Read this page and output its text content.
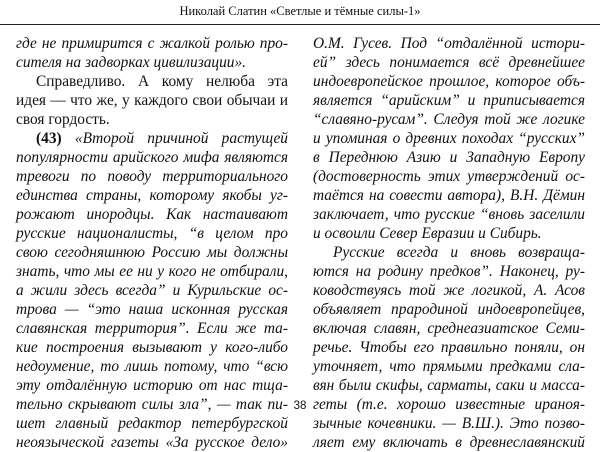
Николай Слатин «Светлые и тёмные силы-1»
где не примирится с жалкой ролью про-
сителя на задворках цивилизации».
Справедливо. А кому нелюба эта
идея — что же, у каждого свои обычаи и
своя гордость.
(43) «Второй причиной растущей
популярности арийского мифа являются
тревоги по поводу территориального
единства страны, которому якобы уг-
рожают инородцы. Как настаивают
русские националисты, “в целом про
свою сегодняшнюю Россию мы должны
знать, что мы ее ни у кого не отбирали,
а жили здесь всегда” и Курильские ос-
трова — “это наша исконная русская
славянская территория”. Если же та-
кие построения вызывают у кого-либо
недоумение, то лишь потому, что “всю
эту отдалённую историю от нас тща-
тельно скрывают силы зла”, — так пи-
шет главный редактор петербургской
неоязыческой газеты «За русское дело»
О.М. Гусев. Под “отдалённой истори-
ей” здесь понимается всё древнейшее
индоевропейское прошлое, которое объ-
является “арийским” и приписывается
“славяно-русам”. Следуя той же логике
и упоминая о древних походах “русских”
в Переднюю Азию и Западную Европу
(достоверность этих утверждений ос-
таётся на совести автора), В.Н. Дёмин
заключает, что русские “вновь заселили
и освоили Север Евразии и Сибирь.
Русские всегда и вновь возвраща-
ются на родину предков”. Наконец, ру-
ководствуясь той же логикой, А. Асов
объявляет прародиной индоевропейцев,
включая славян, среднеазиатское Семи-
речье. Чтобы его правильно поняли, он
уточняет, что прямыми предками сла-
вян были скифы, сарматы, саки и масса-
геты (т.е. хорошо известные ираноя-
зычные кочевники. — В.Ш.). Это позво-
ляет ему включать в древнеславянский
38
